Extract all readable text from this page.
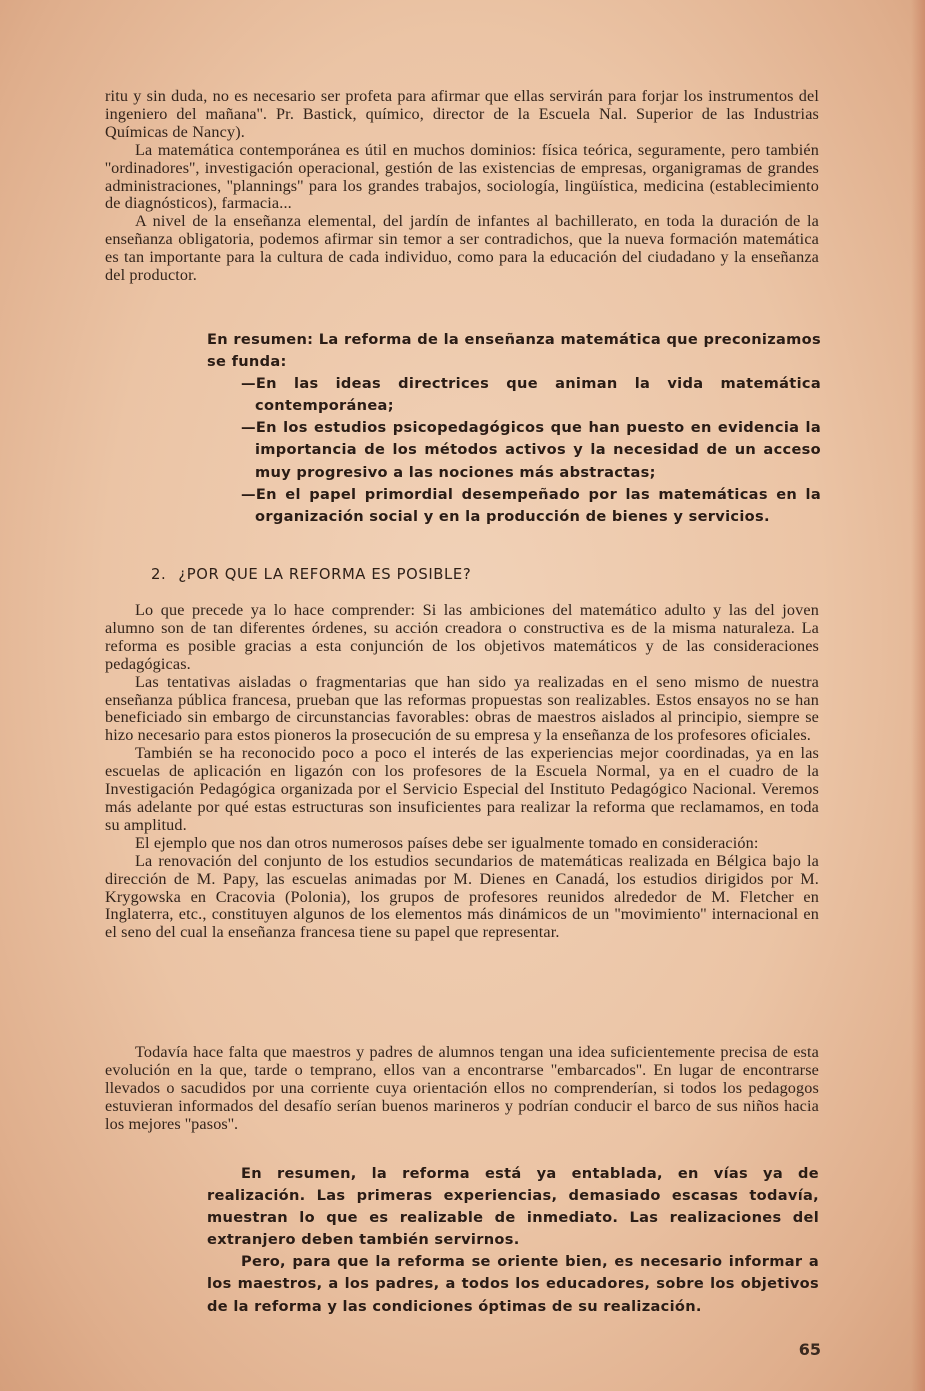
ritu y sin duda, no es necesario ser profeta para afirmar que ellas servirán para forjar los instrumentos del ingeniero del mañana''. Pr. Bastick, químico, director de la Escuela Nal. Superior de las Industrias Químicas de Nancy).

La matemática contemporánea es útil en muchos dominios: física teórica, seguramente, pero también ''ordinadores'', investigación operacional, gestión de las existencias de empresas, organigramas de grandes administraciones, ''plannings'' para los grandes trabajos, sociología, lingüística, medicina (establecimiento de diagnósticos), farmacia...

A nivel de la enseñanza elemental, del jardín de infantes al bachillerato, en toda la duración de la enseñanza obligatoria, podemos afirmar sin temor a ser contradichos, que la nueva formación matemática es tan importante para la cultura de cada individuo, como para la educación del ciudadano y la enseñanza del productor.

En resumen: La reforma de la enseñanza matemática que preconizamos se funda:

—En las ideas directrices que animan la vida matemática contemporánea;

—En los estudios psicopedagógicos que han puesto en evidencia la importancia de los métodos activos y la necesidad de un acceso muy progresivo a las nociones más abstractas;

—En el papel primordial desempeñado por las matemáticas en la organización social y en la producción de bienes y servicios.

2. ¿POR QUE LA REFORMA ES POSIBLE?

Lo que precede ya lo hace comprender: Si las ambiciones del matemático adulto y las del joven alumno son de tan diferentes órdenes, su acción creadora o constructiva es de la misma naturaleza. La reforma es posible gracias a esta conjunción de los objetivos matemáticos y de las consideraciones pedagógicas.

Las tentativas aisladas o fragmentarias que han sido ya realizadas en el seno mismo de nuestra enseñanza pública francesa, prueban que las reformas propuestas son realizables. Estos ensayos no se han beneficiado sin embargo de circunstancias favorables: obras de maestros aislados al principio, siempre se hizo necesario para estos pioneros la prosecución de su empresa y la enseñanza de los profesores oficiales.

También se ha reconocido poco a poco el interés de las experiencias mejor coordinadas, ya en las escuelas de aplicación en ligazón con los profesores de la Escuela Normal, ya en el cuadro de la Investigación Pedagógica organizada por el Servicio Especial del Instituto Pedagógico Nacional. Veremos más adelante por qué estas estructuras son insuficientes para realizar la reforma que reclamamos, en toda su amplitud.

El ejemplo que nos dan otros numerosos países debe ser igualmente tomado en consideración:

La renovación del conjunto de los estudios secundarios de matemáticas realizada en Bélgica bajo la dirección de M. Papy, las escuelas animadas por M. Dienes en Canadá, los estudios dirigidos por M. Krygowska en Cracovia (Polonia), los grupos de profesores reunidos alrededor de M. Fletcher en Inglaterra, etc., constituyen algunos de los elementos más dinámicos de un ''movimiento'' internacional en el seno del cual la enseñanza francesa tiene su papel que representar.

Todavía hace falta que maestros y padres de alumnos tengan una idea suficientemente precisa de esta evolución en la que, tarde o temprano, ellos van a encontrarse ''embarcados''. En lugar de encontrarse llevados o sacudidos por una corriente cuya orientación ellos no comprenderían, si todos los pedagogos estuvieran informados del desafío serían buenos marineros y podrían conducir el barco de sus niños hacia los mejores ''pasos''.

En resumen, la reforma está ya entablada, en vías ya de realización. Las primeras experiencias, demasiado escasas todavía, muestran lo que es realizable de inmediato. Las realizaciones del extranjero deben también servirnos.

Pero, para que la reforma se oriente bien, es necesario informar a los maestros, a los padres, a todos los educadores, sobre los objetivos de la reforma y las condiciones óptimas de su realización.

65
